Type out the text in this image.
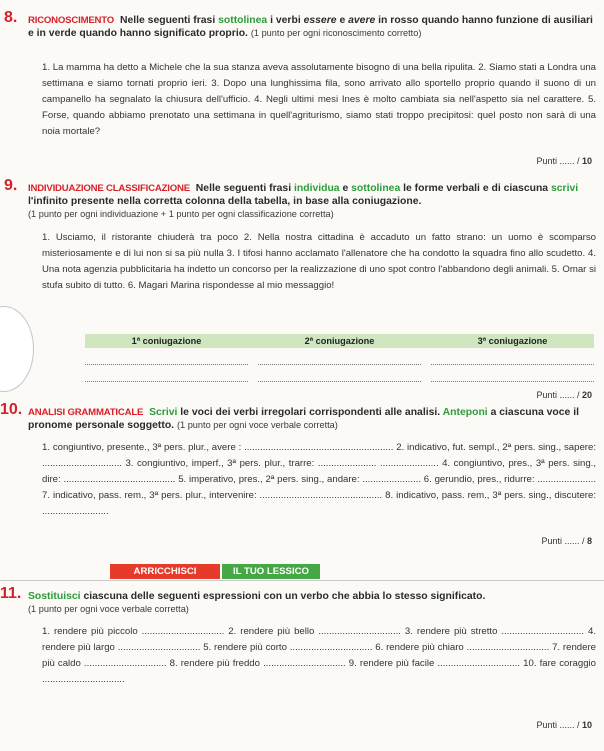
8. RICONOSCIMENTO Nelle seguenti frasi sottolinea i verbi essere e avere in rosso quando hanno funzione di ausiliari e in verde quando hanno significato proprio. (1 punto per ogni riconoscimento corretto)

1. La mamma ha detto a Michele che la sua stanza aveva assolutamente bisogno di una bella ripulita. 2. Siamo stati a Londra una settimana e siamo tornati proprio ieri. 3. Dopo una lunghissima fila, sono arrivato allo sportello proprio quando il suono di un campanello ha segnalato la chiusura dell'ufficio. 4. Negli ultimi mesi Ines è molto cambiata sia nell'aspetto sia nel carattere. 5. Forse, quando abbiamo prenotato una settimana in quell'agriturismo, siamo stati troppo precipitosi: quel posto non sarà di una noia mortale?

Punti ...... / 10
9. INDIVIDUAZIONE CLASSIFICAZIONE Nelle seguenti frasi individua e sottolinea le forme verbali e di ciascuna scrivi l'infinito presente nella corretta colonna della tabella, in base alla coniugazione.
(1 punto per ogni individuazione + 1 punto per ogni classificazione corretta)

1. Usciamo, il ristorante chiuderà tra poco 2. Nella nostra cittadina è accaduto un fatto strano: un uomo è scomparso misteriosamente e di lui non si sa più nulla 3. I tifosi hanno acclamato l'allenatore che ha condotto la squadra fino allo scudetto. 4. Una nota agenzia pubblicitaria ha indetto un concorso per la realizzazione di uno spot contro l'abbandono degli animali. 5. Omar si stufa subito di tutto. 6. Magari Marina rispondesse al mio messaggio!

1ª coniugazione		2ª coniugazione		3ª coniugazione

Punti ...... / 20
10. ANALISI GRAMMATICALE Scrivi le voci dei verbi irregolari corrispondenti alle analisi. Anteponi a ciascuna voce il pronome personale soggetto. (1 punto per ogni voce verbale corretta)

1. congiuntivo, presente., 3ª pers. plur., avere : ........................................................ 2. indicativo, fut. sempl., 2ª pers. sing., sapere: .............................. 3. congiuntivo, imperf., 3ª pers. plur., trarre: ...................... ...................... 4. congiuntivo, pres., 3ª pers. sing., dire: .......................................... 5. imperativo, pres., 2ª pers. sing., andare: ...................... 6. gerundio, pres., ridurre: ...................... 7. indicativo, pass. rem., 3ª pers. plur., intervenire: .............................................. 8. indicativo, pass. rem., 3ª pers. sing., discutere: .........................

Punti ...... / 8
ARRICCHISCI	IL TUO LESSICO
11. Sostituisci ciascuna delle seguenti espressioni con un verbo che abbia lo stesso significato.
(1 punto per ogni voce verbale corretta)

1. rendere più piccolo ............................... 2. rendere più bello ............................... 3. rendere più stretto ............................... 4. rendere più largo ............................... 5. rendere più corto ............................... 6. rendere più chiaro ............................... 7. rendere più caldo ............................... 8. rendere più freddo ............................... 9. rendere più facile ............................... 10. fare coraggio ...............................

Punti ...... / 10
